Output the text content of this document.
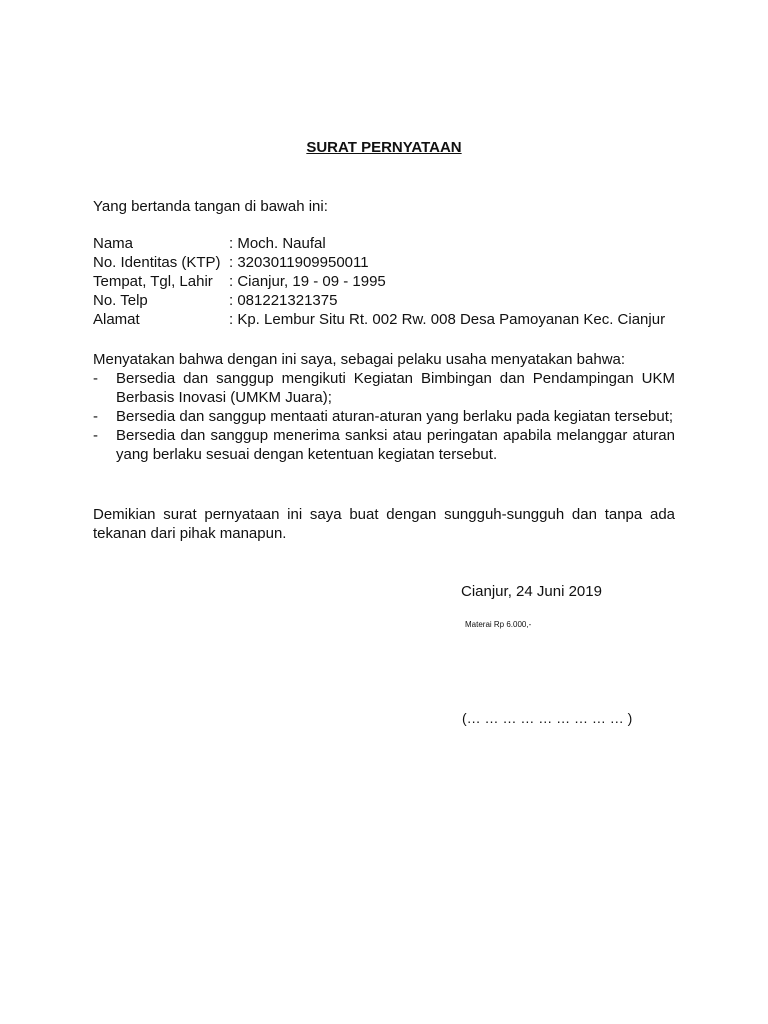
SURAT PERNYATAAN
Yang bertanda tangan di bawah ini:
Nama	: Moch. Naufal
No. Identitas (KTP) : 3203011909950011
Tempat, Tgl, Lahir	: Cianjur, 19 - 09 - 1995
No. Telp	: 081221321375
Alamat	: Kp. Lembur Situ Rt. 002 Rw. 008 Desa Pamoyanan Kec. Cianjur
Menyatakan bahwa dengan ini saya, sebagai pelaku usaha menyatakan bahwa:
-	Bersedia dan sanggup mengikuti Kegiatan Bimbingan dan Pendampingan UKM Berbasis Inovasi (UMKM Juara);
-	Bersedia dan sanggup mentaati aturan-aturan yang berlaku pada kegiatan tersebut;
-	Bersedia dan sanggup menerima sanksi atau peringatan apabila melanggar aturan yang berlaku sesuai dengan ketentuan kegiatan tersebut.
Demikian surat pernyataan ini saya buat dengan sungguh-sungguh dan tanpa ada tekanan dari pihak manapun.
Cianjur, 24 Juni 2019
Materai Rp 6.000,-
(… … … … … … … … … )
